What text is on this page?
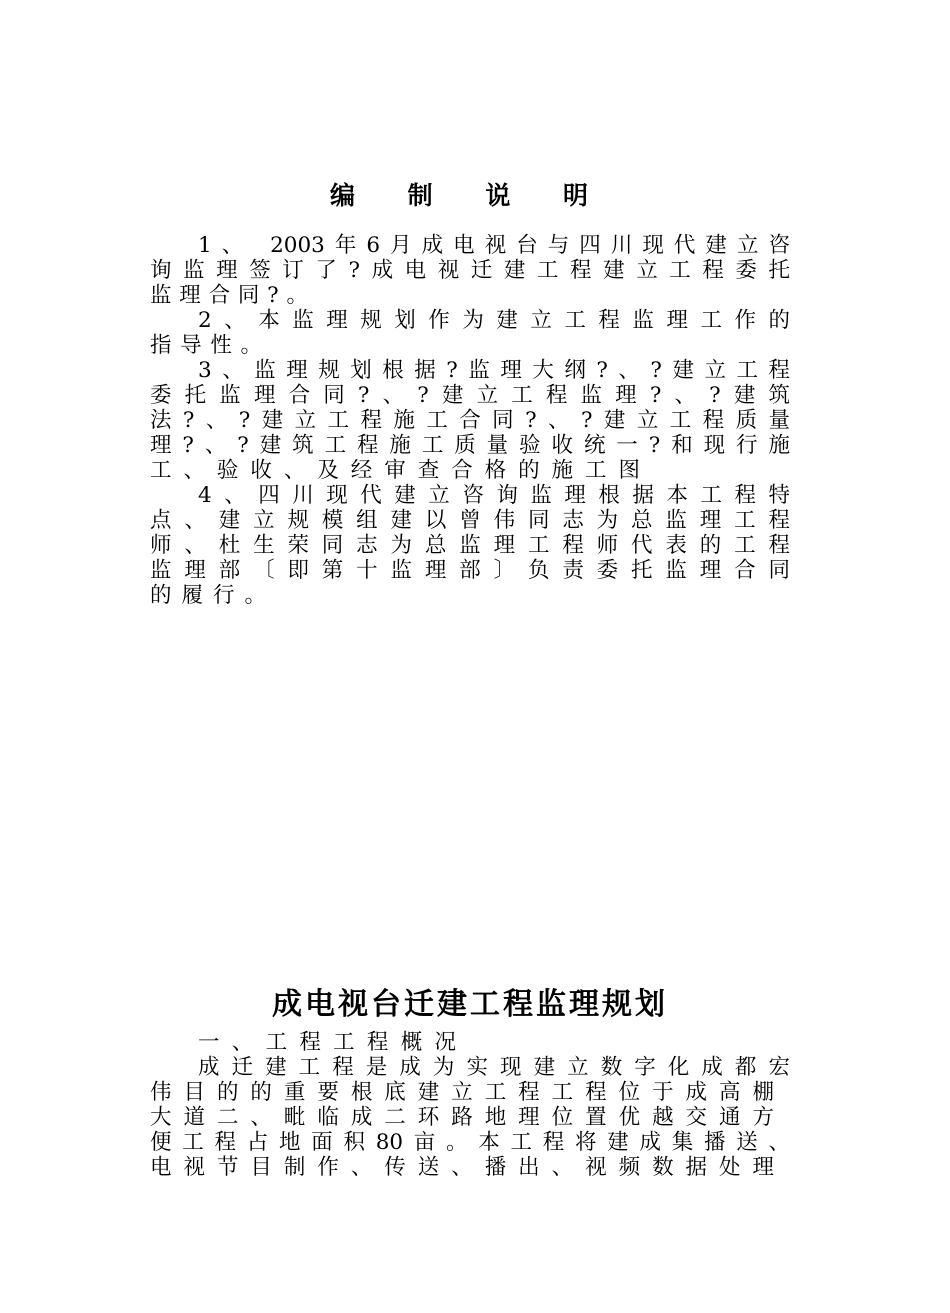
编 制 说 明
1、 2003年6月成电视台与四川现代建立咨
询监理签订了?成电视迁建工程建立工程委托
监理合同?。
2、本监理规划作为建立工程监理工作的
指导性。
3、监理规划根据?监理大纲?、?建立工程
委托监理合同?、?建立工程监理?、?建筑
法?、?建立工程施工合同?、?建立工程质量
理?、?建筑工程施工质量验收统一?和现行施
工、验收、及经审查合格的施工图
4、四川现代建立咨询监理根据本工程特
点、建立规模组建以曾伟同志为总监理工程
师、杜生荣同志为总监理工程师代表的工程
监理部〔即第十监理部〕负责委托监理合同
的履行。
成电视台迁建工程监理规划
一、工程工程概况
成迁建工程是成为实现建立数字化成都宏
伟目的的重要根底建立工程工程位于成高棚
大道二、毗临成二环路地理位置优越交通方
便工程占地面积80亩。本工程将建成集播送、
电视节目制作、传送、播出、视频数据处理
